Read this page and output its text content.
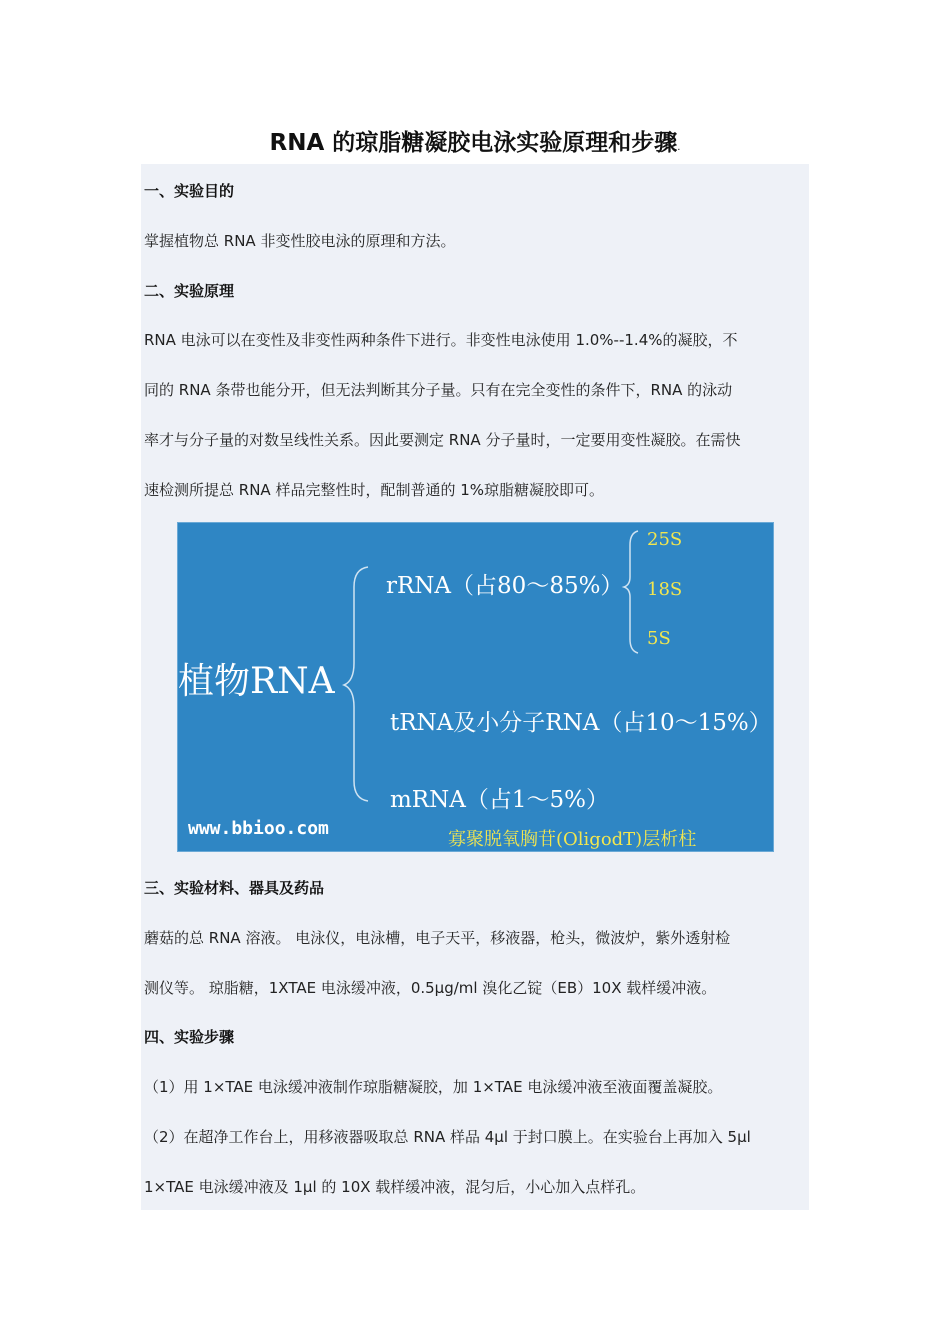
RNA 的琼脂糖凝胶电泳实验原理和步骤.
一、实验目的
掌握植物总 RNA 非变性胶电泳的原理和方法。
二、实验原理
RNA 电泳可以在变性及非变性两种条件下进行。非变性电泳使用 1.0%--1.4%的凝胶，不
同的 RNA 条带也能分开，但无法判断其分子量。只有在完全变性的条件下，RNA 的泳动
率才与分子量的对数呈线性关系。因此要测定 RNA 分子量时，一定要用变性凝胶。在需快
速检测所提总 RNA 样品完整性时，配制普通的 1%琼脂糖凝胶即可。
植物RNA
rRNA（占80～85%）
25S
18S
5S
tRNA及小分子RNA（占10～15%）
mRNA（占1～5%）
www.bbioo.com
寡聚脱氧胸苷(OligodT)层析柱
三、实验材料、器具及药品
蘑菇的总 RNA 溶液。 电泳仪，电泳槽，电子天平，移液器，枪头，微波炉，紫外透射检
测仪等。 琼脂糖，1XTAE 电泳缓冲液，0.5μg/ml 溴化乙锭（EB）10X 载样缓冲液。
四、实验步骤
（1）用 1×TAE 电泳缓冲液制作琼脂糖凝胶，加 1×TAE 电泳缓冲液至液面覆盖凝胶。
（2）在超净工作台上，用移液器吸取总 RNA 样品 4μl 于封口膜上。在实验台上再加入 5μl
1×TAE 电泳缓冲液及 1μl 的 10X 载样缓冲液，混匀后，小心加入点样孔。
